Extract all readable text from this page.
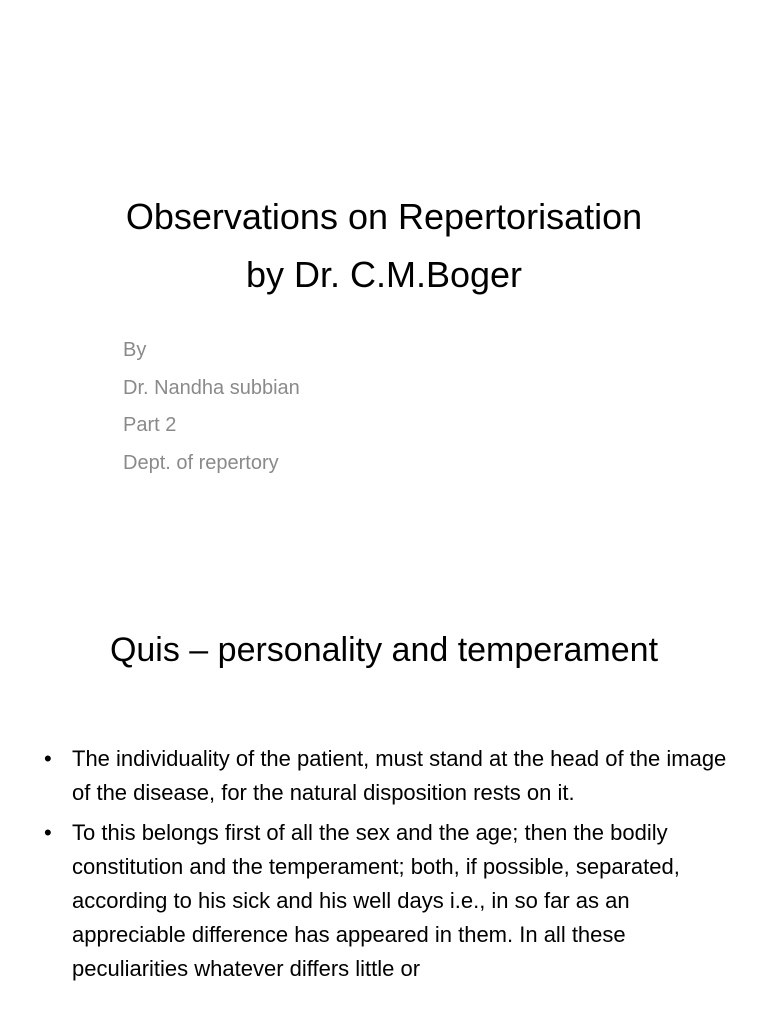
Observations on Repertorisation
by Dr. C.M.Boger
By
Dr. Nandha subbian
Part 2
Dept. of repertory
Quis – personality and temperament
• The individuality of the patient, must stand at the head of the image of the disease, for the natural disposition rests on it.
• To this belongs first of all the sex and the age; then the bodily constitution and the temperament; both, if possible, separated, according to his sick and his well days i.e., in so far as an appreciable difference has appeared in them. In all these peculiarities whatever differs little or
